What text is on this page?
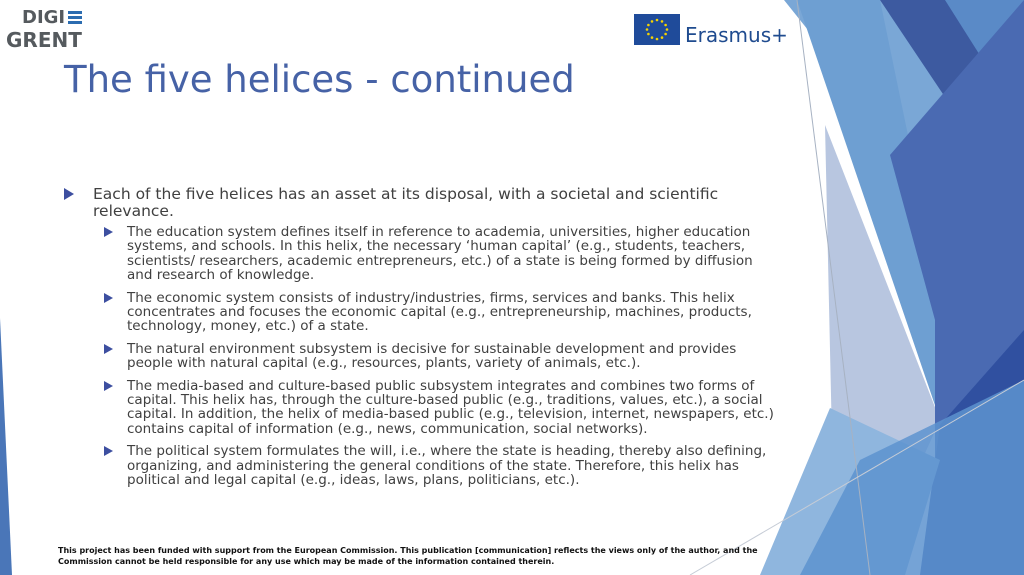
DIGI
GRENT	Erasmus+
The five helices - continued
Each of the five helices has an asset at its disposal, with a societal and scientific relevance.
The education system defines itself in reference to academia, universities, higher education systems, and schools. In this helix, the necessary ‘human capital’ (e.g., students, teachers, scientists/ researchers, academic entrepreneurs, etc.) of a state is being formed by diffusion and research of knowledge.
The economic system consists of industry/industries, firms, services and banks. This helix concentrates and focuses the economic capital (e.g., entrepreneurship, machines, products, technology, money, etc.) of a state.
The natural environment subsystem is decisive for sustainable development and provides people with natural capital (e.g., resources, plants, variety of animals, etc.).
The media-based and culture-based public subsystem integrates and combines two forms of capital. This helix has, through the culture-based public (e.g., traditions, values, etc.), a social capital. In addition, the helix of media-based public (e.g., television, internet, newspapers, etc.) contains capital of information (e.g., news, communication, social networks).
The political system formulates the will, i.e., where the state is heading, thereby also defining, organizing, and administering the general conditions of the state. Therefore, this helix has political and legal capital (e.g., ideas, laws, plans, politicians, etc.).
This project has been funded with support from the European Commission. This publication [communication] reflects the views only of the author, and the Commission cannot be held responsible for any use which may be made of the information contained therein.
